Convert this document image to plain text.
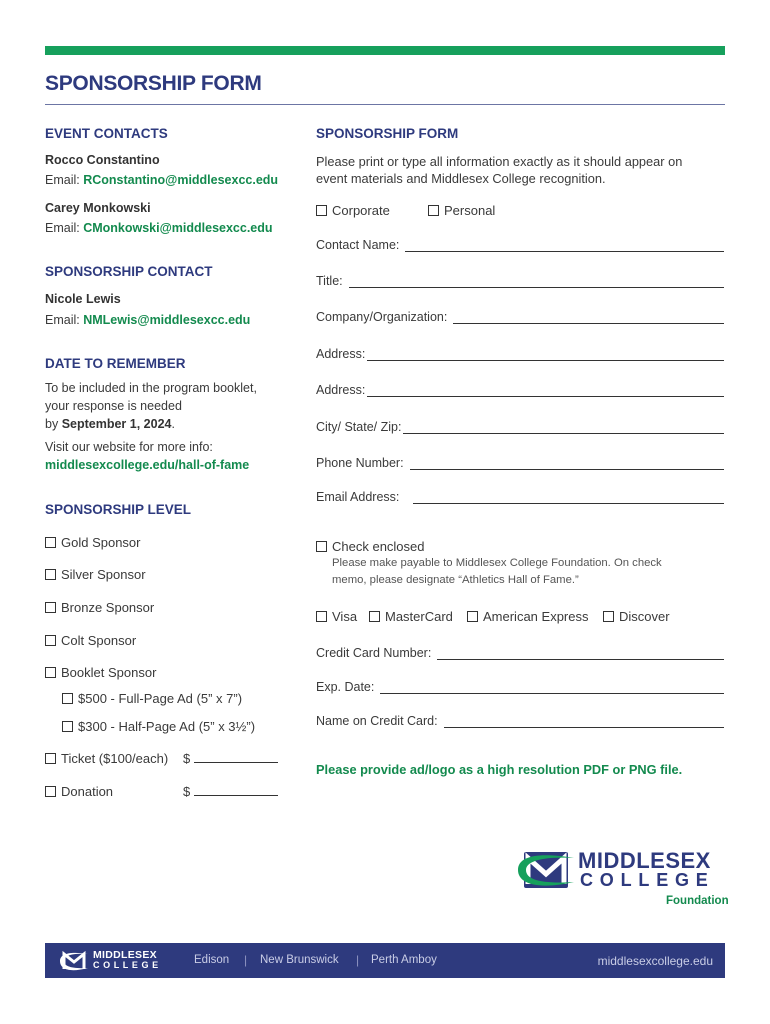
SPONSORSHIP FORM
EVENT CONTACTS
Rocco Constantino
Email: RConstantino@middlesexcc.edu
Carey Monkowski
Email: CMonkowski@middlesexcc.edu
SPONSORSHIP CONTACT
Nicole Lewis
Email: NMLewis@middlesexcc.edu
DATE TO REMEMBER
To be included in the program booklet,
your response is needed
by September 1, 2024.
Visit our website for more info:
middlesexcollege.edu/hall-of-fame
SPONSORSHIP LEVEL
Gold Sponsor
Silver Sponsor
Bronze Sponsor
Colt Sponsor
Booklet Sponsor
$500 - Full-Page Ad (5” x 7”)
$300 - Half-Page Ad (5” x 3½”)
Ticket ($100/each) $
Donation	$
SPONSORSHIP FORM
Please print or type all information exactly as it should appear on
event materials and Middlesex College recognition.
Corporate	Personal
Contact Name:
Title:
Company/Organization:
Address:
Address:
City/ State/ Zip:
Phone Number:
Email Address:
Check enclosed
Please make payable to Middlesex College Foundation. On check
memo, please designate “Athletics Hall of Fame.”
Visa	MasterCard	American Express	Discover
Credit Card Number:
Exp. Date:
Name on Credit Card:
Please provide ad/logo as a high resolution PDF or PNG file.
MIDDLESEX
COLLEGE
Foundation
MIDDLESEX
COLLEGE	Edison | New Brunswick | Perth Amboy	middlesexcollege.edu
